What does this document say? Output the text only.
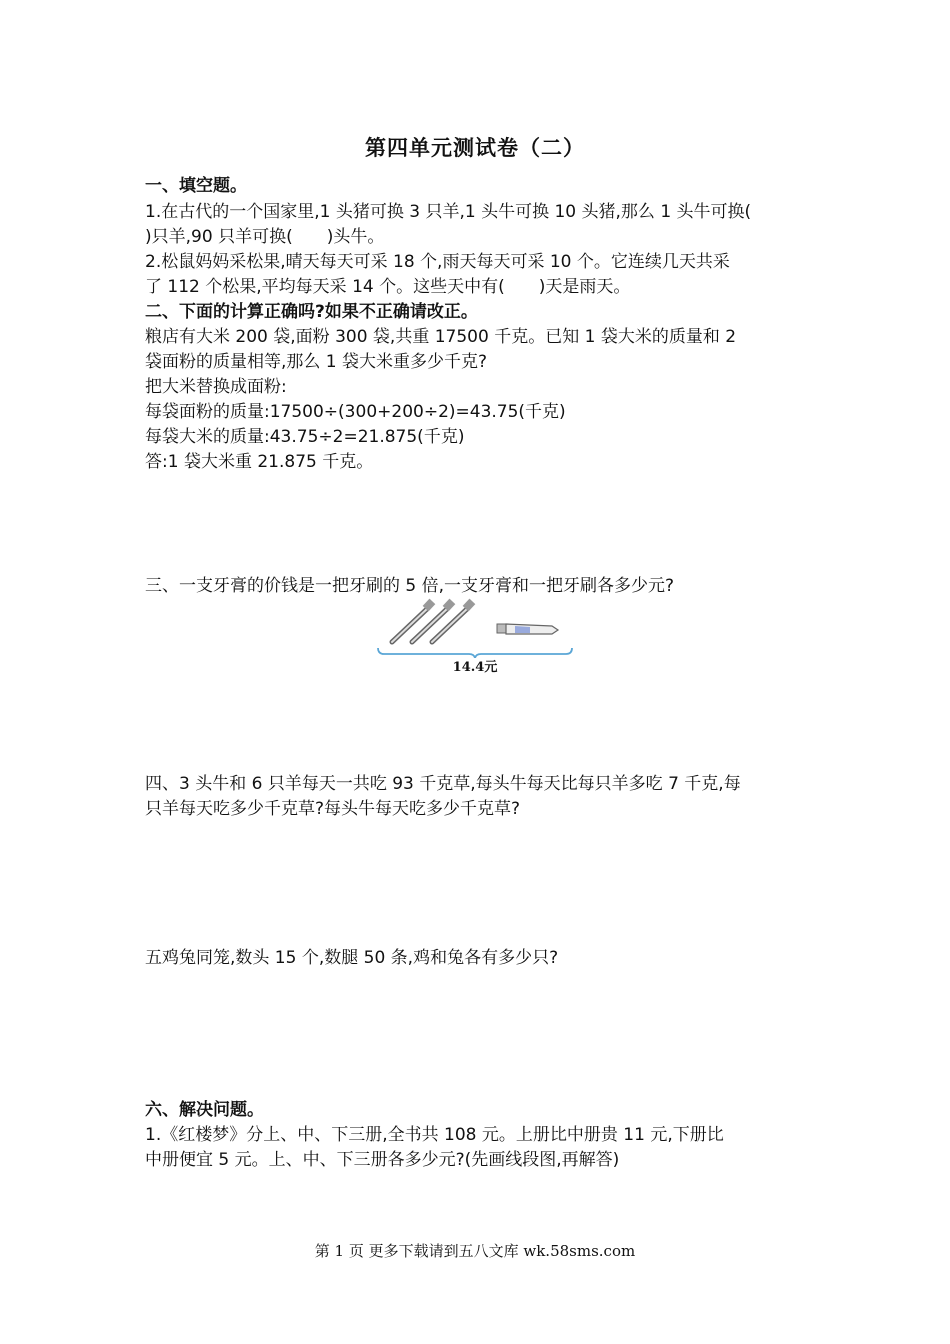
第四单元测试卷（二）
一、填空题。
1.在古代的一个国家里,1 头猪可换 3 只羊,1 头牛可换 10 头猪,那么 1 头牛可换(
)只羊,90 只羊可换(　　)头牛。
2.松鼠妈妈采松果,晴天每天可采 18 个,雨天每天可采 10 个。它连续几天共采
了 112 个松果,平均每天采 14 个。这些天中有(　　)天是雨天。
二、下面的计算正确吗?如果不正确请改正。
粮店有大米 200 袋,面粉 300 袋,共重 17500 千克。已知 1 袋大米的质量和 2
袋面粉的质量相等,那么 1 袋大米重多少千克?
把大米替换成面粉:
每袋面粉的质量:17500÷(300+200÷2)=43.75(千克)
每袋大米的质量:43.75÷2=21.875(千克)
答:1 袋大米重 21.875 千克。
三、一支牙膏的价钱是一把牙刷的 5 倍,一支牙膏和一把牙刷各多少元?
14.4元
四、3 头牛和 6 只羊每天一共吃 93 千克草,每头牛每天比每只羊多吃 7 千克,每
只羊每天吃多少千克草?每头牛每天吃多少千克草?
五鸡兔同笼,数头 15 个,数腿 50 条,鸡和兔各有多少只?
六、解决问题。
1.《红楼梦》分上、中、下三册,全书共 108 元。上册比中册贵 11 元,下册比
中册便宜 5 元。上、中、下三册各多少元?(先画线段图,再解答)
第 1 页 更多下载请到五八文库 wk.58sms.com
